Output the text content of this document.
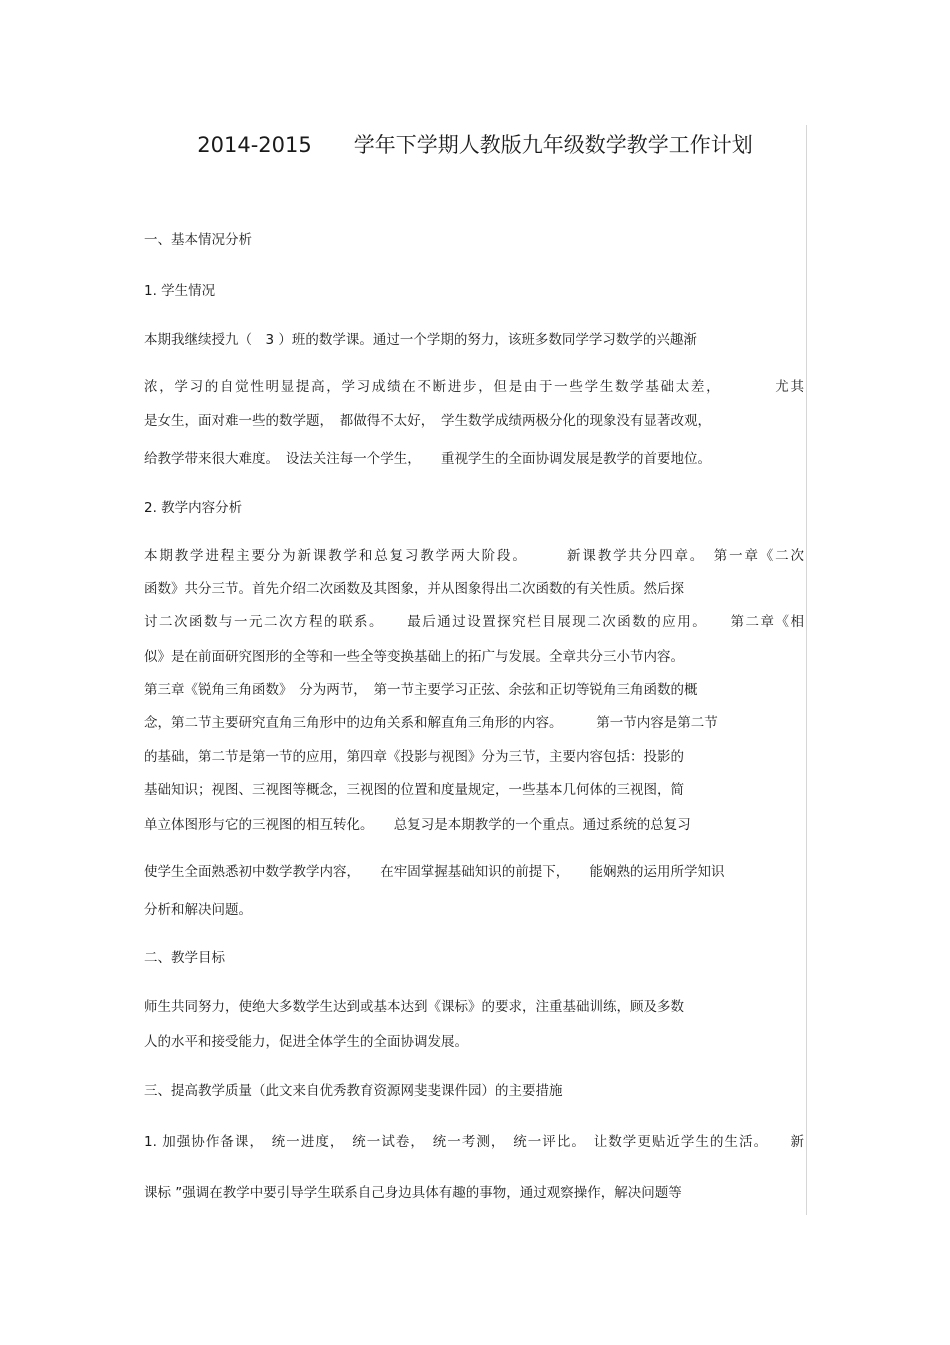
2014-2015　　学年下学期人教版九年级数学教学工作计划
一、基本情况分析
1. 学生情况
本期我继续授九（　3 ）班的数学课。通过一个学期的努力，该班多数同学学习数学的兴趣渐
浓，学习的自觉性明显提高，学习成绩在不断进步，但是由于一些学生数学基础太差，　　　　尤其
是女生，面对难一些的数学题，　都做得不太好，　学生数学成绩两极分化的现象没有显著改观，
给教学带来很大难度。　设法关注每一个学生，　　重视学生的全面协调发展是教学的首要地位。
2. 教学内容分析
本期教学进程主要分为新课教学和总复习教学两大阶段。　　　新课教学共分四章。　第一章《二次
函数》共分三节。首先介绍二次函数及其图象，并从图象得出二次函数的有关性质。然后探
讨二次函数与一元二次方程的联系。　　最后通过设置探究栏目展现二次函数的应用。　　第二章《相
似》是在前面研究图形的全等和一些全等变换基础上的拓广与发展。全章共分三小节内容。
第三章《锐角三角函数》　分为两节，　第一节主要学习正弦、余弦和正切等锐角三角函数的概
念，第二节主要研究直角三角形中的边角关系和解直角三角形的内容。　　　第一节内容是第二节
的基础，第二节是第一节的应用，第四章《投影与视图》分为三节，主要内容包括：投影的
基础知识；视图、三视图等概念，三视图的位置和度量规定，一些基本几何体的三视图，简
单立体图形与它的三视图的相互转化。　　总复习是本期教学的一个重点。通过系统的总复习
使学生全面熟悉初中数学教学内容，　　在牢固掌握基础知识的前提下，　　能娴熟的运用所学知识
分析和解决问题。
二、教学目标
师生共同努力，使绝大多数学生达到或基本达到《课标》的要求，注重基础训练，顾及多数
人的水平和接受能力，促进全体学生的全面协调发展。
三、提高教学质量（此文来自优秀教育资源网斐斐课件园）的主要措施
1. 加强协作备课，　统一进度，　统一试卷，　统一考测，　统一评比。　让数学更贴近学生的生活。　　新
课标 ”强调在教学中要引导学生联系自己身边具体有趣的事物，通过观察操作，解决问题等
